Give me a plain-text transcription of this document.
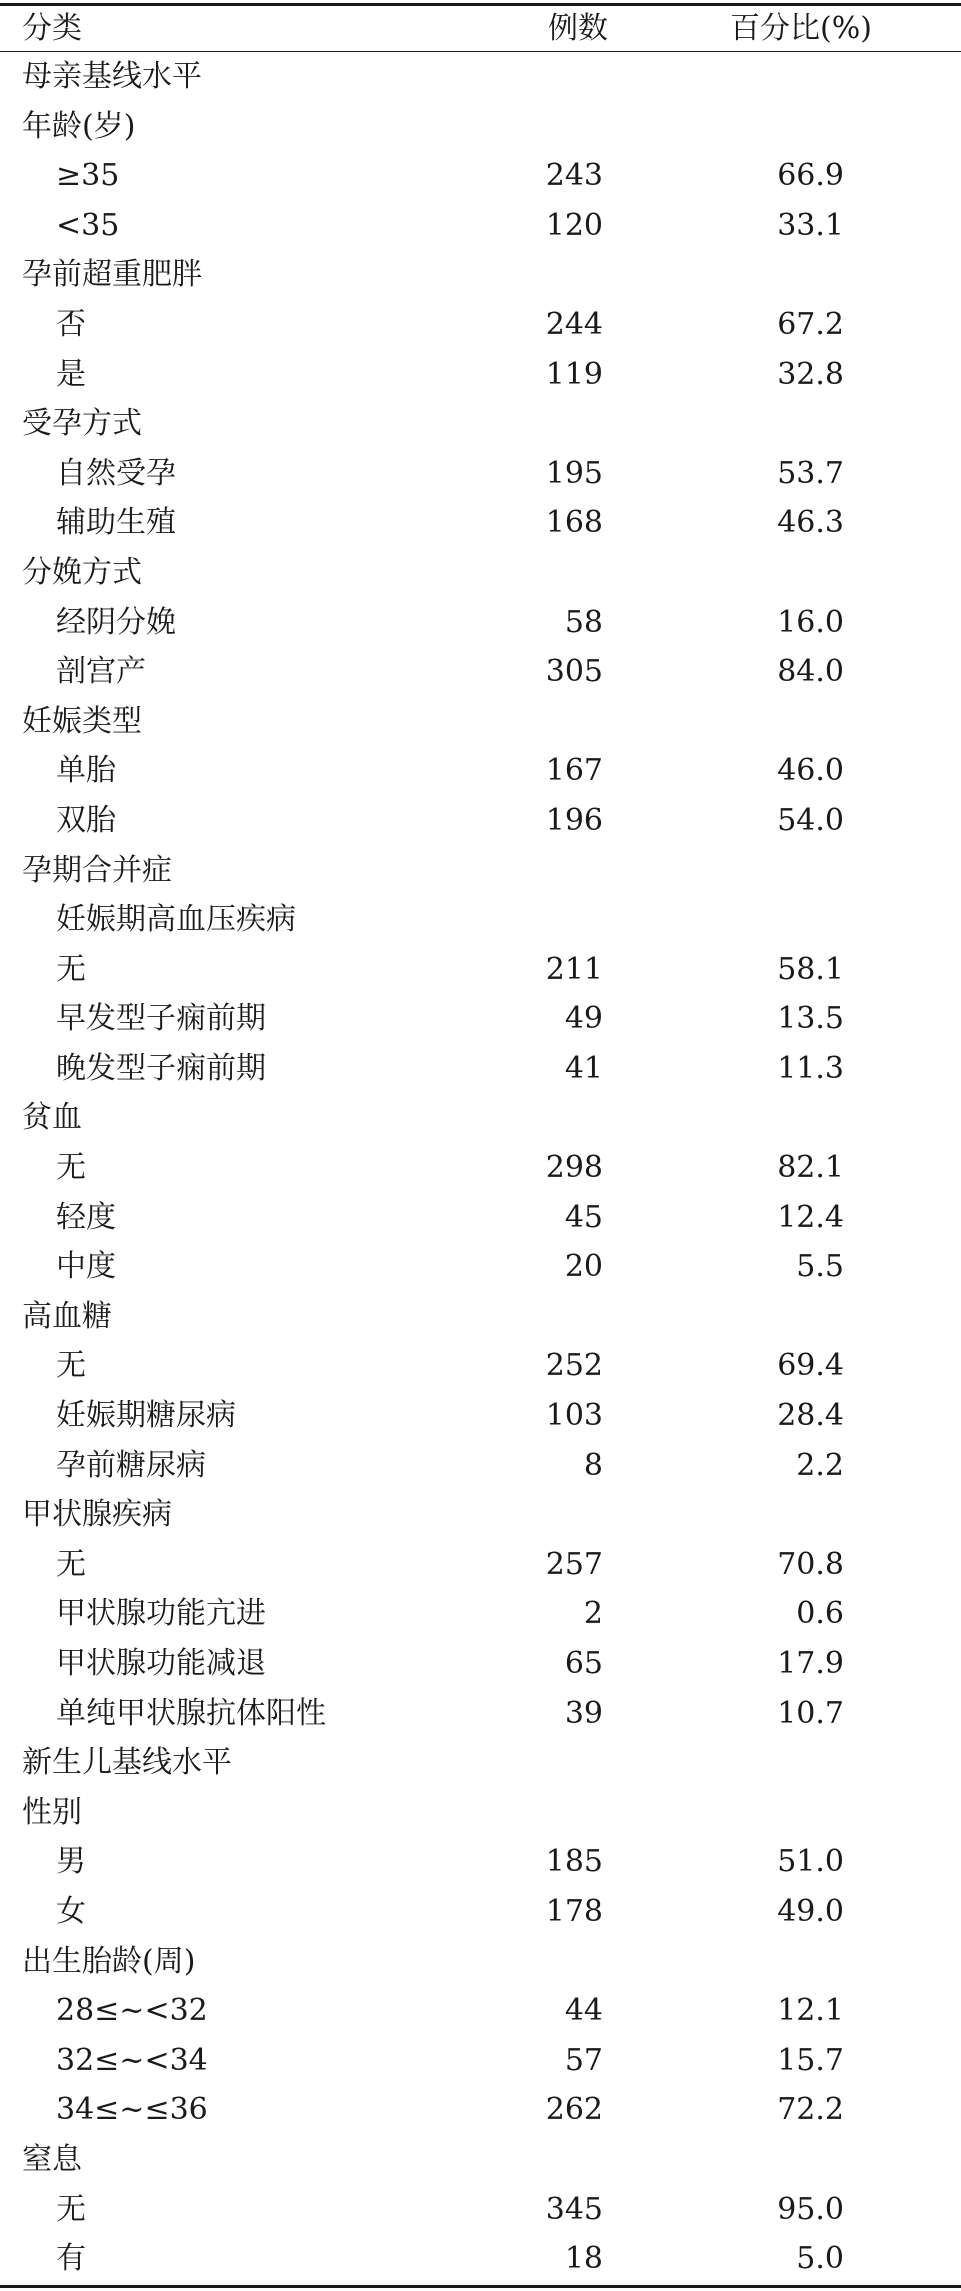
分类	例数	百分比(%)
母亲基线水平
年龄(岁)
≥35	243	66.9
<35	120	33.1
孕前超重肥胖
否	244	67.2
是	119	32.8
受孕方式
自然受孕	195	53.7
辅助生殖	168	46.3
分娩方式
经阴分娩	58	16.0
剖宫产	305	84.0
妊娠类型
单胎	167	46.0
双胎	196	54.0
孕期合并症
妊娠期高血压疾病
无	211	58.1
早发型子痫前期	49	13.5
晚发型子痫前期	41	11.3
贫血
无	298	82.1
轻度	45	12.4
中度	20	5.5
高血糖
无	252	69.4
妊娠期糖尿病	103	28.4
孕前糖尿病	8	2.2
甲状腺疾病
无	257	70.8
甲状腺功能亢进	2	0.6
甲状腺功能减退	65	17.9
单纯甲状腺抗体阳性	39	10.7
新生儿基线水平
性别
男	185	51.0
女	178	49.0
出生胎龄(周)
28≤~<32	44	12.1
32≤~<34	57	15.7
34≤~≤36	262	72.2
窒息
无	345	95.0
有	18	5.0
